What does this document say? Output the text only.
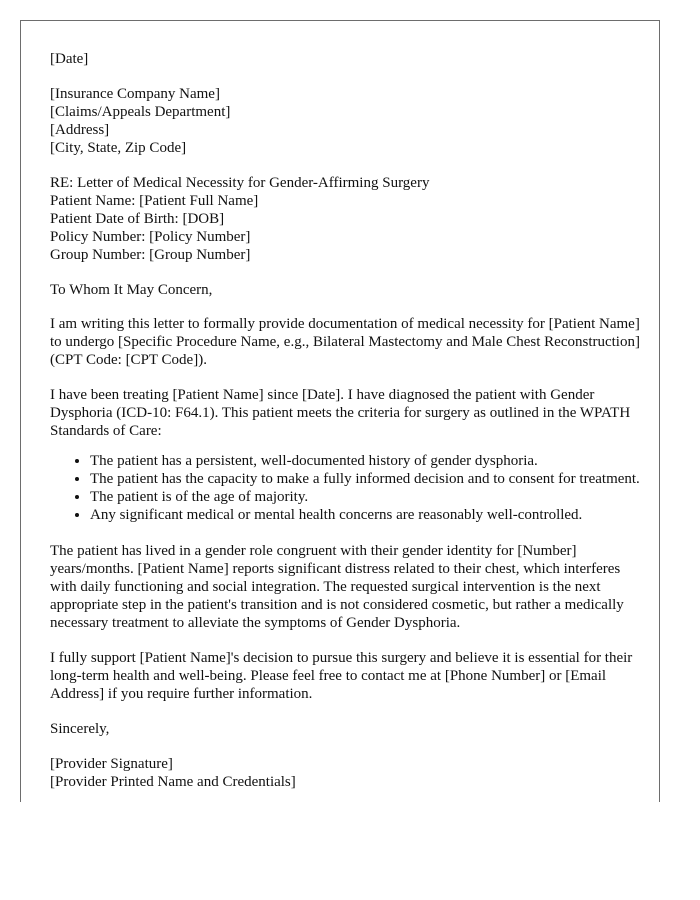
[Date]
[Insurance Company Name]
[Claims/Appeals Department]
[Address]
[City, State, Zip Code]
RE: Letter of Medical Necessity for Gender-Affirming Surgery
Patient Name: [Patient Full Name]
Patient Date of Birth: [DOB]
Policy Number: [Policy Number]
Group Number: [Group Number]

To Whom It May Concern,

I am writing this letter to formally provide documentation of medical necessity for [Patient Name] to undergo [Specific Procedure Name, e.g., Bilateral Mastectomy and Male Chest Reconstruction] (CPT Code: [CPT Code]).

I have been treating [Patient Name] since [Date]. I have diagnosed the patient with Gender Dysphoria (ICD-10: F64.1). This patient meets the criteria for surgery as outlined in the WPATH Standards of Care:

• The patient has a persistent, well-documented history of gender dysphoria.
• The patient has the capacity to make a fully informed decision and to consent for treatment.
• The patient is of the age of majority.
• Any significant medical or mental health concerns are reasonably well-controlled.

The patient has lived in a gender role congruent with their gender identity for [Number] years/months. [Patient Name] reports significant distress related to their chest, which interferes with daily functioning and social integration. The requested surgical intervention is the next appropriate step in the patient's transition and is not considered cosmetic, but rather a medically necessary treatment to alleviate the symptoms of Gender Dysphoria.

I fully support [Patient Name]'s decision to pursue this surgery and believe it is essential for their long-term health and well-being. Please feel free to contact me at [Phone Number] or [Email Address] if you require further information.

Sincerely,

[Provider Signature]
[Provider Printed Name and Credentials]
